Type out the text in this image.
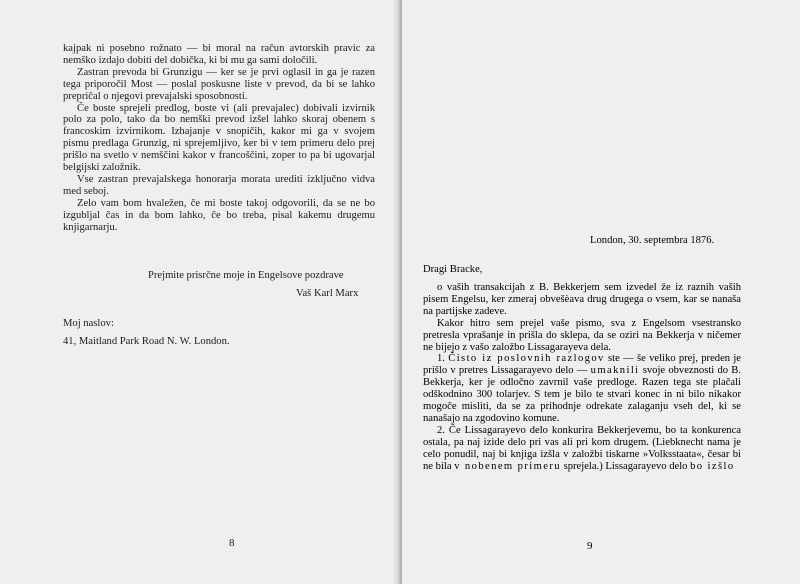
kajpak ni posebno rožnato — bi moral na račun avtorskih pravic za nemško izdajo dobiti del dobička, ki bi mu ga sami določili.

Zastran prevoda bi Grunzigu — ker se je prvi oglasil in ga je razen tega priporočil Most — poslal poskusne liste v prevod, da bi se lahko prepričal o njegovi prevajalski sposobnosti.

Če boste sprejeli predlog, boste vi (ali prevajalec) dobivali izvirnik polo za polo, tako da bo nemški prevod izšel lahko skoraj obenem s francoskim izvirnikom. Izhajanje v snopičih, kakor mi ga v svojem pismu predlaga Grunzig, ni sprejemljivo, ker bi v tem primeru delo prej prišlo na svetlo v nemščini kakor v francoščini, zoper to pa bi ugovarjal belgijski založnik.

Vse zastran prevajalskega honorarja morata urediti izključno vidva med seboj.

Zelo vam bom hvaležen, če mi boste takoj odgovorili, da se ne bo izgubljal čas in da bom lahko, če bo treba, pisal kakemu drugemu knjigarnarju.

Prejmite prisrčne moje in Engelsove pozdrave
Vaš Karl Marx
Moj naslov:
41, Maitland Park Road N. W. London.
8
London, 30. septembra 1876.
Dragi Bracke,

o vaših transakcijah z B. Bekkerjem sem izvedel že iz raznih vaših pisem Engelsu, ker zmeraj obvešèava drug drugega o vsem, kar se nanaša na partijske zadeve.

Kakor hitro sem prejel vaše pismo, sva z Engelsom vsestransko pretresla vprašanje in prišla do sklepa, da se oziri na Bekkerja v ničemer ne bijejo z vašo založbo Lissagarayeva dela.

1. Čisto iz poslovnih razlogov ste — še veliko prej, preden je prišlo v pretres Lissagarayevo delo — umaknili svoje obveznosti do B. Bekkerja, ker je odločno zavrnil vaše predloge. Razen tega ste plačali odškodnino 300 tolarjev. S tem je bilo te stvari konec in ni bilo nikakor mogoče misliti, da se za prihodnje odrekate zalaganju vseh del, ki se nanašajo na zgodovino komune.

2. Če Lissagarayevo delo konkurira Bekkerjevemu, bo ta konkurenca ostala, pa naj izide delo pri vas ali pri kom drugem. (Liebknecht nama je celo ponudil, naj bi knjiga izšla v založbi tiskarne »Volksstaata«, česar bi ne bila v nobenem primeru sprejela.) Lissagarayevo delo bo izšlo

9
